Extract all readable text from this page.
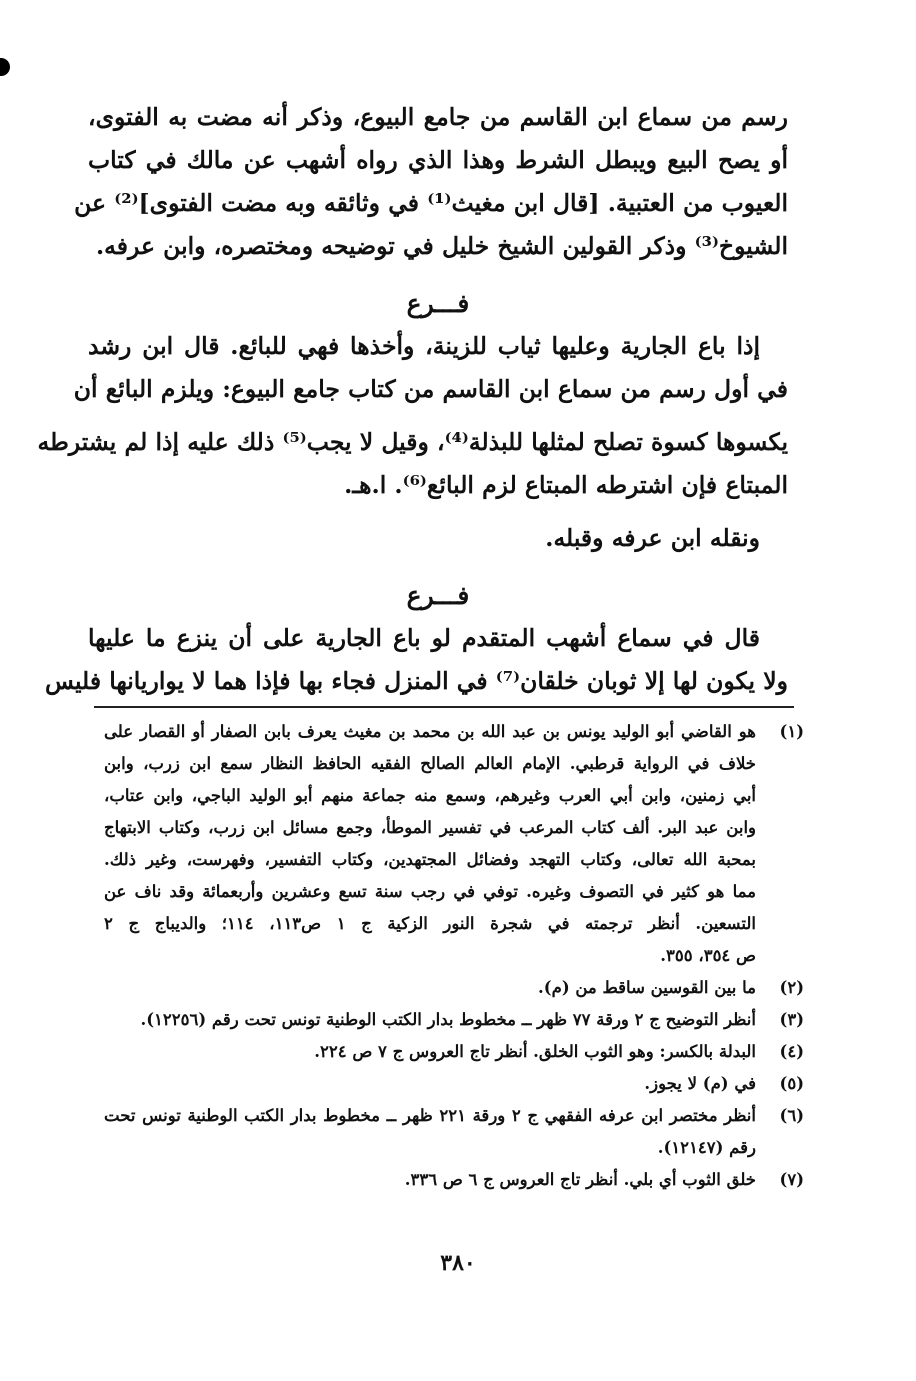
رسم من سماع ابن القاسم من جامع البيوع، وذكر أنه مضت به الفتوى،
أو يصح البيع ويبطل الشرط وهذا الذي رواه أشهب عن مالك في كتاب
العيوب من العتبية. [قال ابن مغيث⁽¹⁾ في وثائقه وبه مضت الفتوى]⁽²⁾ عن
الشيوخ⁽³⁾ وذكر القولين الشيخ خليل في توضيحه ومختصره، وابن عرفه.
فـــرع
إذا باع الجارية وعليها ثياب للزينة، وأخذها فهي للبائع. قال ابن رشد
في أول رسم من سماع ابن القاسم من كتاب جامع البيوع: ويلزم البائع أن
يكسوها كسوة تصلح لمثلها للبذلة⁽⁴⁾، وقيل لا يجب⁽⁵⁾ ذلك عليه إذا لم يشترطه
المبتاع فإن اشترطه المبتاع لزم البائع⁽⁶⁾. ا.هـ.
ونقله ابن عرفه وقبله.
فـــرع
قال في سماع أشهب المتقدم لو باع الجارية على أن ينزع ما عليها
ولا يكون لها إلا ثوبان خلقان⁽⁷⁾ في المنزل فجاء بها فإذا هما لا يواريانها فليس
(١)
هو القاضي أبو الوليد يونس بن عبد الله بن محمد بن مغيث يعرف بابن الصفار أو القصار على
خلاف في الرواية قرطبي. الإمام العالم الصالح الفقيه الحافظ النظار سمع ابن زرب، وابن
أبي زمنين، وابن أبي العرب وغيرهم، وسمع منه جماعة منهم أبو الوليد الباجي، وابن عتاب،
وابن عبد البر. ألف كتاب المرعب في تفسير الموطأ، وجمع مسائل ابن زرب، وكتاب الابتهاج
بمحبة الله تعالى، وكتاب التهجد وفضائل المجتهدين، وكتاب التفسير، وفهرست، وغير ذلك.
مما هو كثير في التصوف وغيره. توفي في رجب سنة تسع وعشرين وأربعمائة وقد ناف عن
التسعين. أنظر ترجمته في شجرة النور الزكية ج ١ ص١١٣، ١١٤؛ والديباج ج ٢
ص ٣٥٤، ٣٥٥.
(٢)
ما بين القوسين ساقط من (م).
(٣)
أنظر التوضيح ج ٢ ورقة ٧٧ ظهر ــ مخطوط بدار الكتب الوطنية تونس تحت رقم (١٢٢٥٦).
(٤)
البدلة بالكسر: وهو الثوب الخلق. أنظر تاج العروس ج ٧ ص ٢٢٤.
(٥)
في (م) لا يجوز.
(٦)
أنظر مختصر ابن عرفه الفقهي ج ٢ ورقة ٢٢١ ظهر ــ مخطوط بدار الكتب الوطنية تونس تحت
رقم (١٢١٤٧).
(٧)
خلق الثوب أي بلي. أنظر تاج العروس ج ٦ ص ٣٣٦.
٣٨٠
